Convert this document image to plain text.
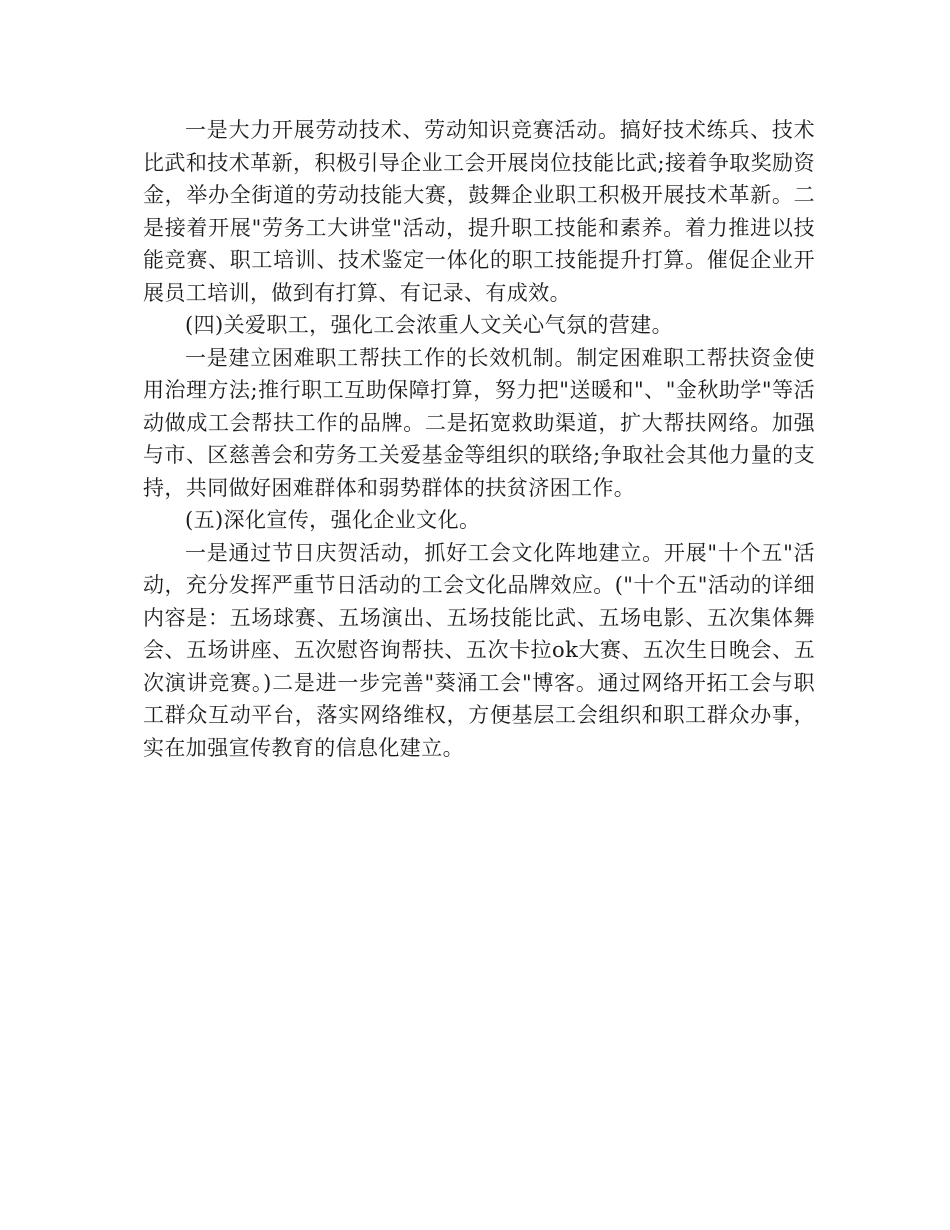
一是大力开展劳动技术、劳动知识竞赛活动。搞好技术练兵、技术比武和技术革新，积极引导企业工会开展岗位技能比武;接着争取奖励资金，举办全街道的劳动技能大赛，鼓舞企业职工积极开展技术革新。二是接着开展"劳务工大讲堂"活动，提升职工技能和素养。着力推进以技能竞赛、职工培训、技术鉴定一体化的职工技能提升打算。催促企业开展员工培训，做到有打算、有记录、有成效。

(四)关爱职工，强化工会浓重人文关心气氛的营建。

一是建立困难职工帮扶工作的长效机制。制定困难职工帮扶资金使用治理方法;推行职工互助保障打算，努力把"送暖和"、"金秋助学"等活动做成工会帮扶工作的品牌。二是拓宽救助渠道，扩大帮扶网络。加强与市、区慈善会和劳务工关爱基金等组织的联络;争取社会其他力量的支持，共同做好困难群体和弱势群体的扶贫济困工作。

(五)深化宣传，强化企业文化。

一是通过节日庆贺活动，抓好工会文化阵地建立。开展"十个五"活动，充分发挥严重节日活动的工会文化品牌效应。("十个五"活动的详细内容是：五场球赛、五场演出、五场技能比武、五场电影、五次集体舞会、五场讲座、五次慰咨询帮扶、五次卡拉ok大赛、五次生日晚会、五次演讲竞赛。)二是进一步完善"葵涌工会"博客。通过网络开拓工会与职工群众互动平台，落实网络维权，方便基层工会组织和职工群众办事，实在加强宣传教育的信息化建立。
